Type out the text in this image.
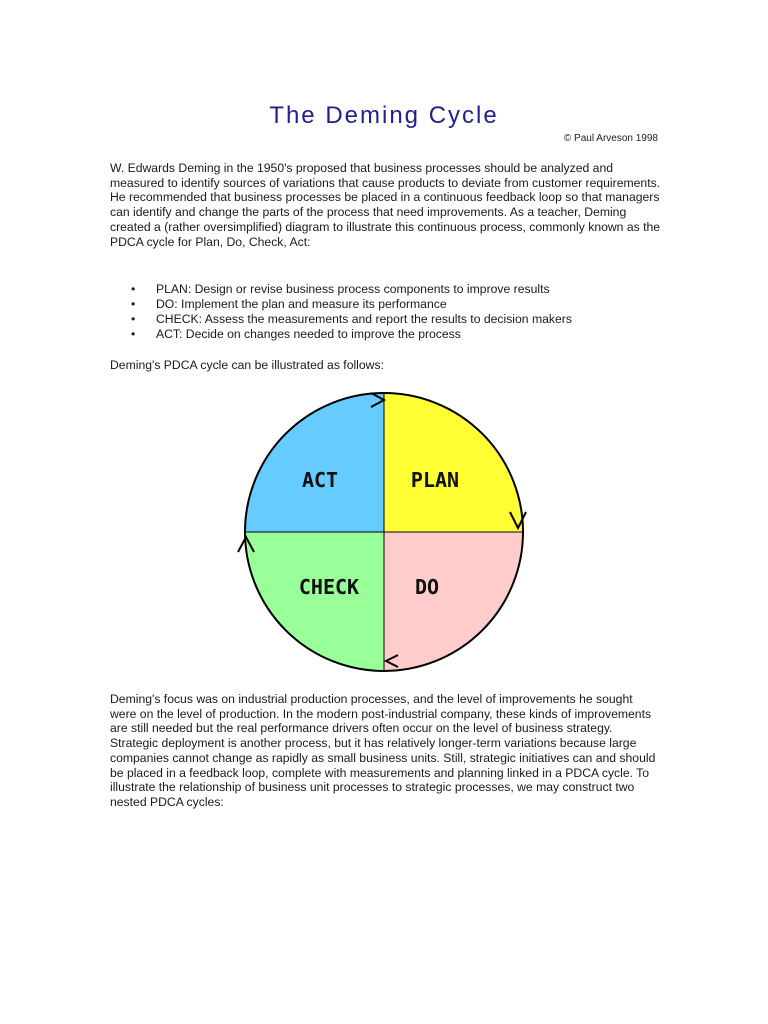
The Deming Cycle
© Paul Arveson 1998

W. Edwards Deming in the 1950's proposed that business processes should be analyzed and measured to identify sources of variations that cause products to deviate from customer requirements. He recommended that business processes be placed in a continuous feedback loop so that managers can identify and change the parts of the process that need improvements. As a teacher, Deming created a (rather oversimplified) diagram to illustrate this continuous process, commonly known as the PDCA cycle for Plan, Do, Check, Act:

• PLAN: Design or revise business process components to improve results
• DO: Implement the plan and measure its performance
• CHECK: Assess the measurements and report the results to decision makers
• ACT: Decide on changes needed to improve the process

Deming's PDCA cycle can be illustrated as follows:

ACT	PLAN
CHECK	DO

Deming's focus was on industrial production processes, and the level of improvements he sought were on the level of production. In the modern post-industrial company, these kinds of improvements are still needed but the real performance drivers often occur on the level of business strategy. Strategic deployment is another process, but it has relatively longer-term variations because large companies cannot change as rapidly as small business units. Still, strategic initiatives can and should be placed in a feedback loop, complete with measurements and planning linked in a PDCA cycle. To illustrate the relationship of business unit processes to strategic processes, we may construct two nested PDCA cycles:
